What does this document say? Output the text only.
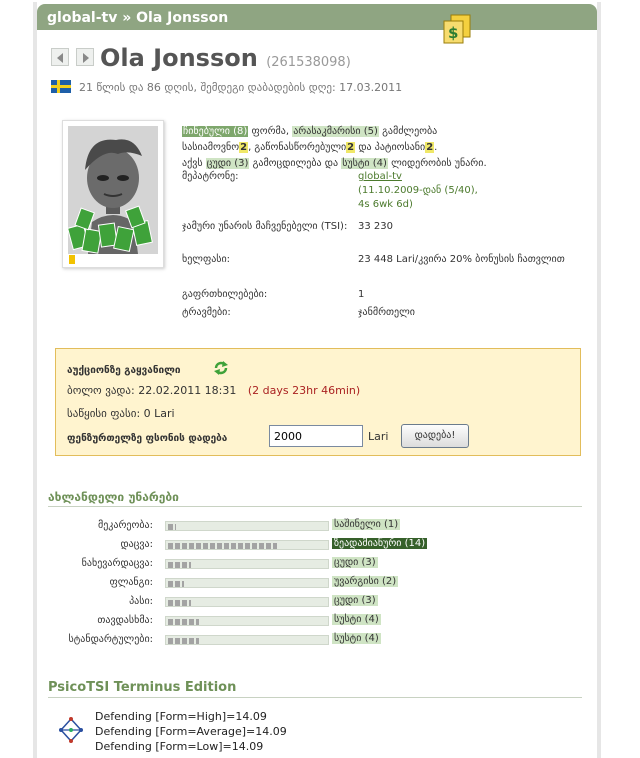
global-tv » Ola Jonsson
$
Ola Jonsson (261538098)
21 წლის და 86 დღის, შემდეგი დაბადების დღე: 17.03.2011
ჩინებული (8) ფორმა, არასაკმარისი (5) გამძლეობა
სასიამოვნო2, გაწონასწორებული2 და პატიოსანი2.
აქვს ცუდი (3) გამოცდილება და სუსტი (4) ლიდერობის უნარი.
მეპატრონე:	global-tv
(11.10.2009-დან (5/40),
4s 6wk 6d)
ჯამური უნარის მაჩვენებელი (TSI):	33 230
ხელფასი:	23 448 Lari/კვირა 20% ბონუსის ჩათვლით
გაფრთხილებები:	1
ტრავმები:	ჯანმრთელი
აუქციონზე გაყვანილი
ბოლო ვადა: 22.02.2011 18:31 (2 days 23hr 46min)
საწყისი ფასი: 0 Lari
ფენზურთელზე ფსონის დადება
2000	Lari	დადება!
ახლანდელი უნარები
მეკარეობა:	საშინელი (1)
დაცვა:	ზეადამიანური (14)
ნახევარდაცვა:	ცუდი (3)
ფლანგი:	უვარგისი (2)
პასი:	ცუდი (3)
თავდასხმა:	სუსტი (4)
სტანდარტულები:	სუსტი (4)
PsicoTSI Terminus Edition
Defending [Form=High]=14.09
Defending [Form=Average]=14.09
Defending [Form=Low]=14.09
